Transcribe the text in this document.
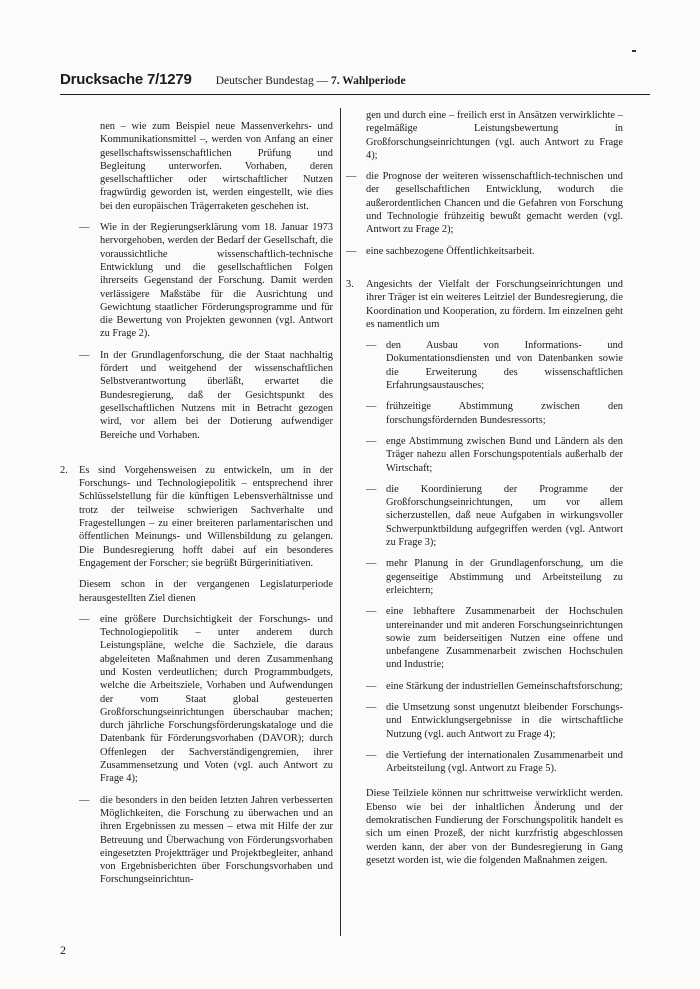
Drucksache 7/1279 Deutscher Bundestag — 7. Wahlperiode

nen – wie zum Beispiel neue Massenverkehrs- und Kommunikationsmittel –, werden von Anfang an einer gesellschaftswissenschaftlichen Prüfung und Begleitung unterworfen. Vorhaben, deren gesellschaftlicher oder wirtschaftlicher Nutzen fragwürdig geworden ist, werden eingestellt, wie dies bei den europäischen Trägerraketen geschehen ist.

— Wie in der Regierungserklärung vom 18. Januar 1973 hervorgehoben, werden der Bedarf der Gesellschaft, die voraussichtliche wissenschaftlich-technische Entwicklung und die gesellschaftlichen Folgen ihrerseits Gegenstand der Forschung. Damit werden verlässigere Maßstäbe für die Ausrichtung und Gewichtung staatlicher Förderungsprogramme und für die Bewertung von Projekten gewonnen (vgl. Antwort zu Frage 2).
— In der Grundlagenforschung, die der Staat nachhaltig fördert und weitgehend der wissenschaftlichen Selbstverantwortung überläßt, erwartet die Bundesregierung, daß der Gesichtspunkt des gesellschaftlichen Nutzens mit in Betracht gezogen wird, vor allem bei der Dotierung aufwendiger Bereiche und Vorhaben.
2. Es sind Vorgehensweisen zu entwickeln, um in der Forschungs- und Technologiepolitik – entsprechend ihrer Schlüsselstellung für die künftigen Lebensverhältnisse und trotz der teilweise schwierigen Sachverhalte und Fragestellungen – zu einer breiteren parlamentarischen und öffentlichen Meinungs- und Willensbildung zu gelangen. Die Bundesregierung hofft dabei auf ein besonderes Engagement der Forscher; sie begrüßt Bürgerinitiativen.

Diesem schon in der vergangenen Legislaturperiode herausgestellten Ziel dienen

— eine größere Durchsichtigkeit der Forschungs- und Technologiepolitik – unter anderem durch Leistungspläne, welche die Sachziele, die daraus abgeleiteten Maßnahmen und deren Zusammenhang und Kosten verdeutlichen; durch Programmbudgets, welche die Arbeitsziele, Vorhaben und Aufwendungen der vom Staat global gesteuerten Großforschungseinrichtungen überschaubar machen; durch jährliche Forschungsförderungskataloge und die Datenbank für Förderungsvorhaben (DAVOR); durch Offenlegen der Sachverständigengremien, ihrer Zusammensetzung und Voten (vgl. auch Antwort zu Frage 4);
— die besonders in den beiden letzten Jahren verbesserten Möglichkeiten, die Forschung zu überwachen und an ihren Ergebnissen zu messen – etwa mit Hilfe der zur Betreuung und Überwachung von Förderungsvorhaben eingesetzten Projektträger und Projektbegleiter, anhand von Ergebnisberichten über Forschungsvorhaben und Forschungseinrichtun-

gen und durch eine – freilich erst in Ansätzen verwirklichte – regelmäßige Leistungsbewertung in Großforschungseinrichtungen (vgl. auch Antwort zu Frage 4);

— die Prognose der weiteren wissenschaftlich-technischen und der gesellschaftlichen Entwicklung, wodurch die außerordentlichen Chancen und die Gefahren von Forschung und Technologie frühzeitig bewußt gemacht werden (vgl. Antwort zu Frage 2);
— eine sachbezogene Öffentlichkeitsarbeit.
3.	Angesichts der Vielfalt der Forschungseinrichtungen und ihrer Träger ist ein weiteres Leitziel der Bundesregierung, die Koordination und Kooperation, zu fördern. Im einzelnen geht es namentlich um
— den Ausbau von Informations- und Dokumentationsdiensten und von Datenbanken sowie die Erweiterung des wissenschaftlichen Erfahrungsaustausches;
— frühzeitige Abstimmung zwischen den forschungsfördernden Bundesressorts;
— enge Abstimmung zwischen Bund und Ländern als den Träger nahezu allen Forschungspotentials außerhalb der Wirtschaft;
— die Koordinierung der Programme der Großforschungseinrichtungen, um vor allem sicherzustellen, daß neue Aufgaben in wirkungsvoller Schwerpunktbildung aufgegriffen werden (vgl. Antwort zu Frage 3);
— mehr Planung in der Grundlagenforschung, um die gegenseitige Abstimmung und Arbeitsteilung zu erleichtern;
— eine lebhaftere Zusammenarbeit der Hochschulen untereinander und mit anderen Forschungseinrichtungen sowie zum beiderseitigen Nutzen eine offene und unbefangene Zusammenarbeit zwischen Hochschulen und Industrie;
— eine Stärkung der industriellen Gemeinschaftsforschung;
— die Umsetzung sonst ungenutzt bleibender Forschungs- und Entwicklungsergebnisse in die wirtschaftliche Nutzung (vgl. auch Antwort zu Frage 4);
— die Vertiefung der internationalen Zusammenarbeit und Arbeitsteilung (vgl. Antwort zu Frage 5).

Diese Teilziele können nur schrittweise verwirklicht werden. Ebenso wie bei der inhaltlichen Änderung und der demokratischen Fundierung der Forschungspolitik handelt es sich um einen Prozeß, der nicht kurzfristig abgeschlossen werden kann, der aber von der Bundesregierung in Gang gesetzt worden ist, wie die folgenden Maßnahmen zeigen.

2
